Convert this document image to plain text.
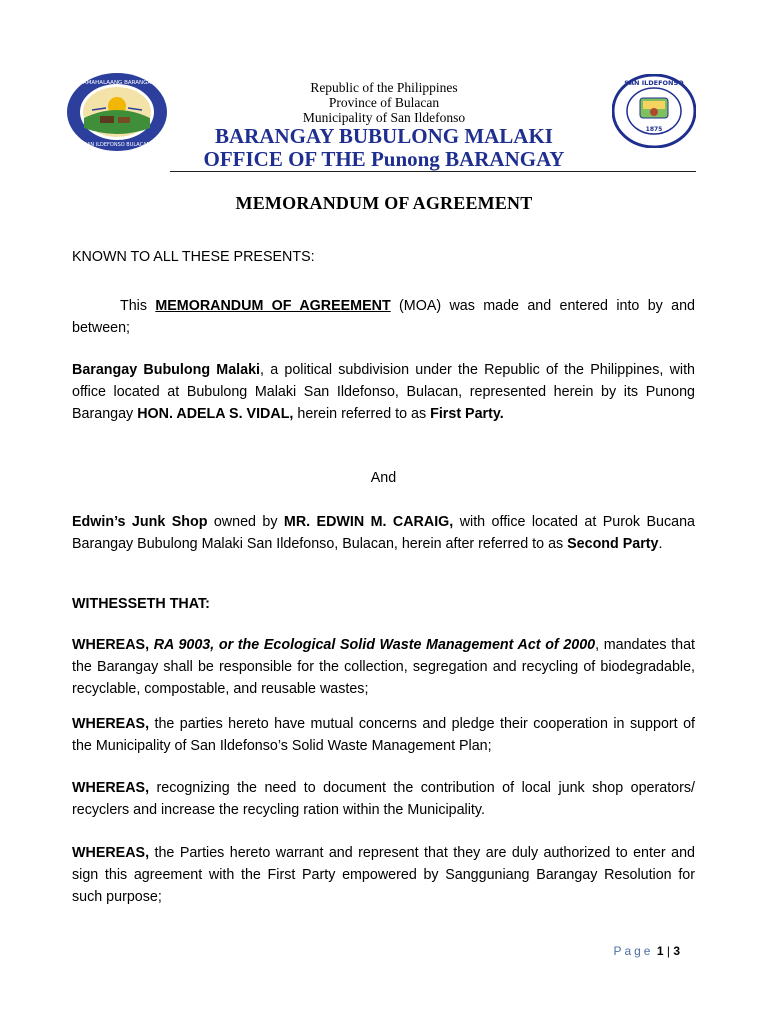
PAMAHALAANG BARANGAY
SAN ILDEFONSO BULACAN
Republic of the Philippines
Province of Bulacan
Municipality of San Ildefonso
BARANGAY BUBULONG MALAKI
OFFICE OF THE Punong BARANGAY
SAN ILDEFONSO
1875
MEMORANDUM OF AGREEMENT
KNOWN TO ALL THESE PRESENTS:
This MEMORANDUM OF AGREEMENT (MOA) was made and entered into by and between;
Barangay Bubulong Malaki, a political subdivision under the Republic of the Philippines, with office located at Bubulong Malaki San Ildefonso, Bulacan, represented herein by its Punong Barangay HON. ADELA S. VIDAL, herein referred to as First Party.
And
Edwin’s Junk Shop owned by MR. EDWIN M. CARAIG, with office located at Purok Bucana Barangay Bubulong Malaki San Ildefonso, Bulacan, herein after referred to as Second Party.
WITHESSETH THAT:
WHEREAS, RA 9003, or the Ecological Solid Waste Management Act of 2000, mandates that the Barangay shall be responsible for the collection, segregation and recycling of biodegradable, recyclable, compostable, and reusable wastes;
WHEREAS, the parties hereto have mutual concerns and pledge their cooperation in support of the Municipality of San Ildefonso’s Solid Waste Management Plan;
WHEREAS, recognizing the need to document the contribution of local junk shop operators/ recyclers and increase the recycling ration within the Municipality.
WHEREAS, the Parties hereto warrant and represent that they are duly authorized to enter and sign this agreement with the First Party empowered by Sangguniang Barangay Resolution for such purpose;
Page 1 | 3
